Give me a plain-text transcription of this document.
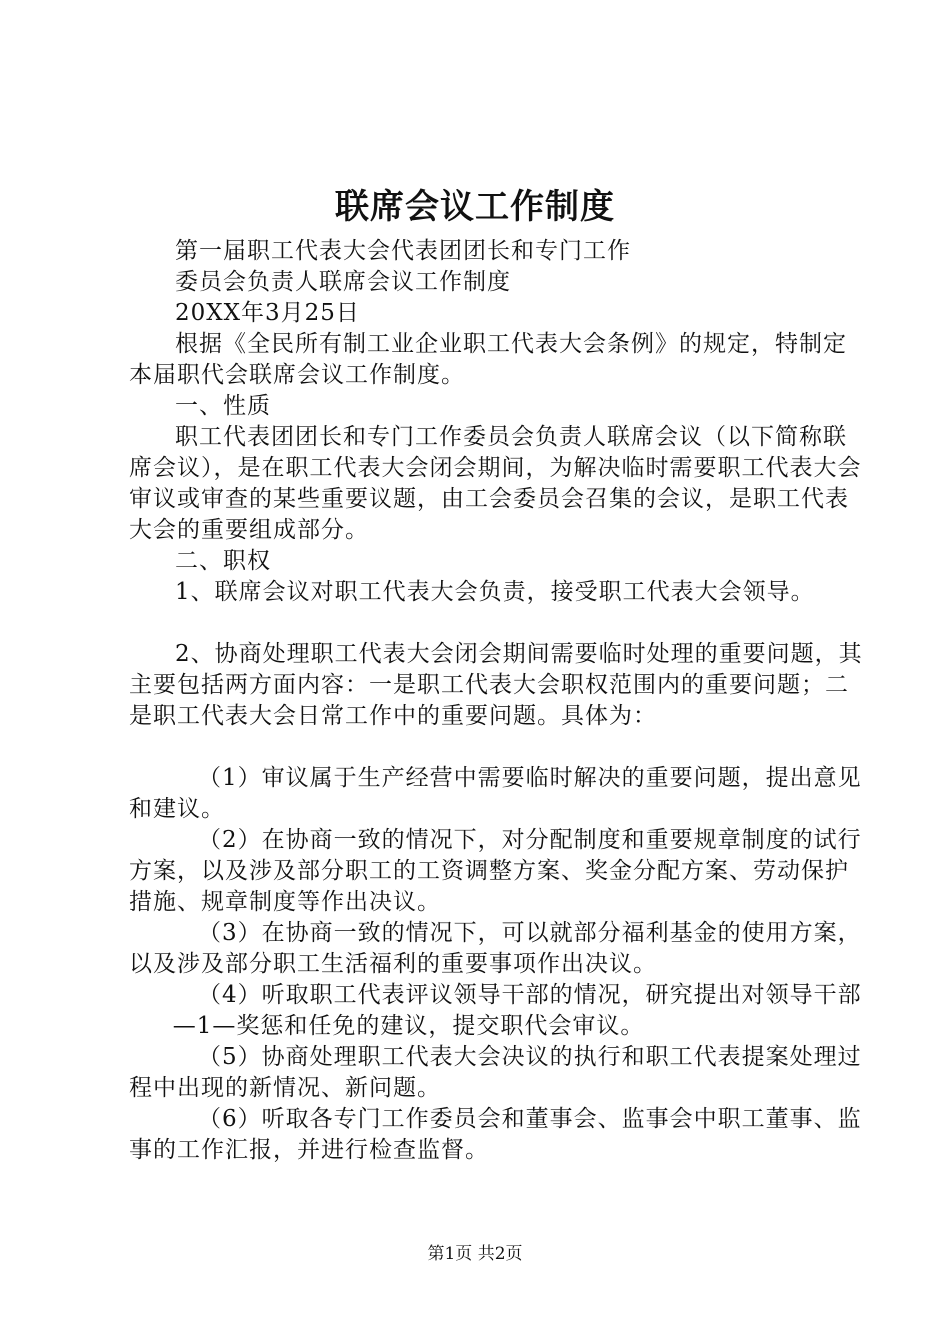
联席会议工作制度

第一届职工代表大会代表团团长和专门工作

委员会负责人联席会议工作制度

20XX年3月25日

根据《全民所有制工业企业职工代表大会条例》的规定，特制定本届职代会联席会议工作制度。

一、性质

职工代表团团长和专门工作委员会负责人联席会议（以下简称联席会议），是在职工代表大会闭会期间，为解决临时需要职工代表大会审议或审查的某些重要议题，由工会委员会召集的会议，是职工代表大会的重要组成部分。

二、职权

1、联席会议对职工代表大会负责，接受职工代表大会领导。

2、协商处理职工代表大会闭会期间需要临时处理的重要问题，其主要包括两方面内容：一是职工代表大会职权范围内的重要问题；二是职工代表大会日常工作中的重要问题。具体为：

（1）审议属于生产经营中需要临时解决的重要问题，提出意见和建议。

（2）在协商一致的情况下，对分配制度和重要规章制度的试行方案，以及涉及部分职工的工资调整方案、奖金分配方案、劳动保护措施、规章制度等作出决议。

（3）在协商一致的情况下，可以就部分福利基金的使用方案，以及涉及部分职工生活福利的重要事项作出决议。

（4）听取职工代表评议领导干部的情况，研究提出对领导干部

—1—奖惩和任免的建议，提交职代会审议。

（5）协商处理职工代表大会决议的执行和职工代表提案处理过程中出现的新情况、新问题。

（6）听取各专门工作委员会和董事会、监事会中职工董事、监事的工作汇报，并进行检查监督。

第1页 共2页
